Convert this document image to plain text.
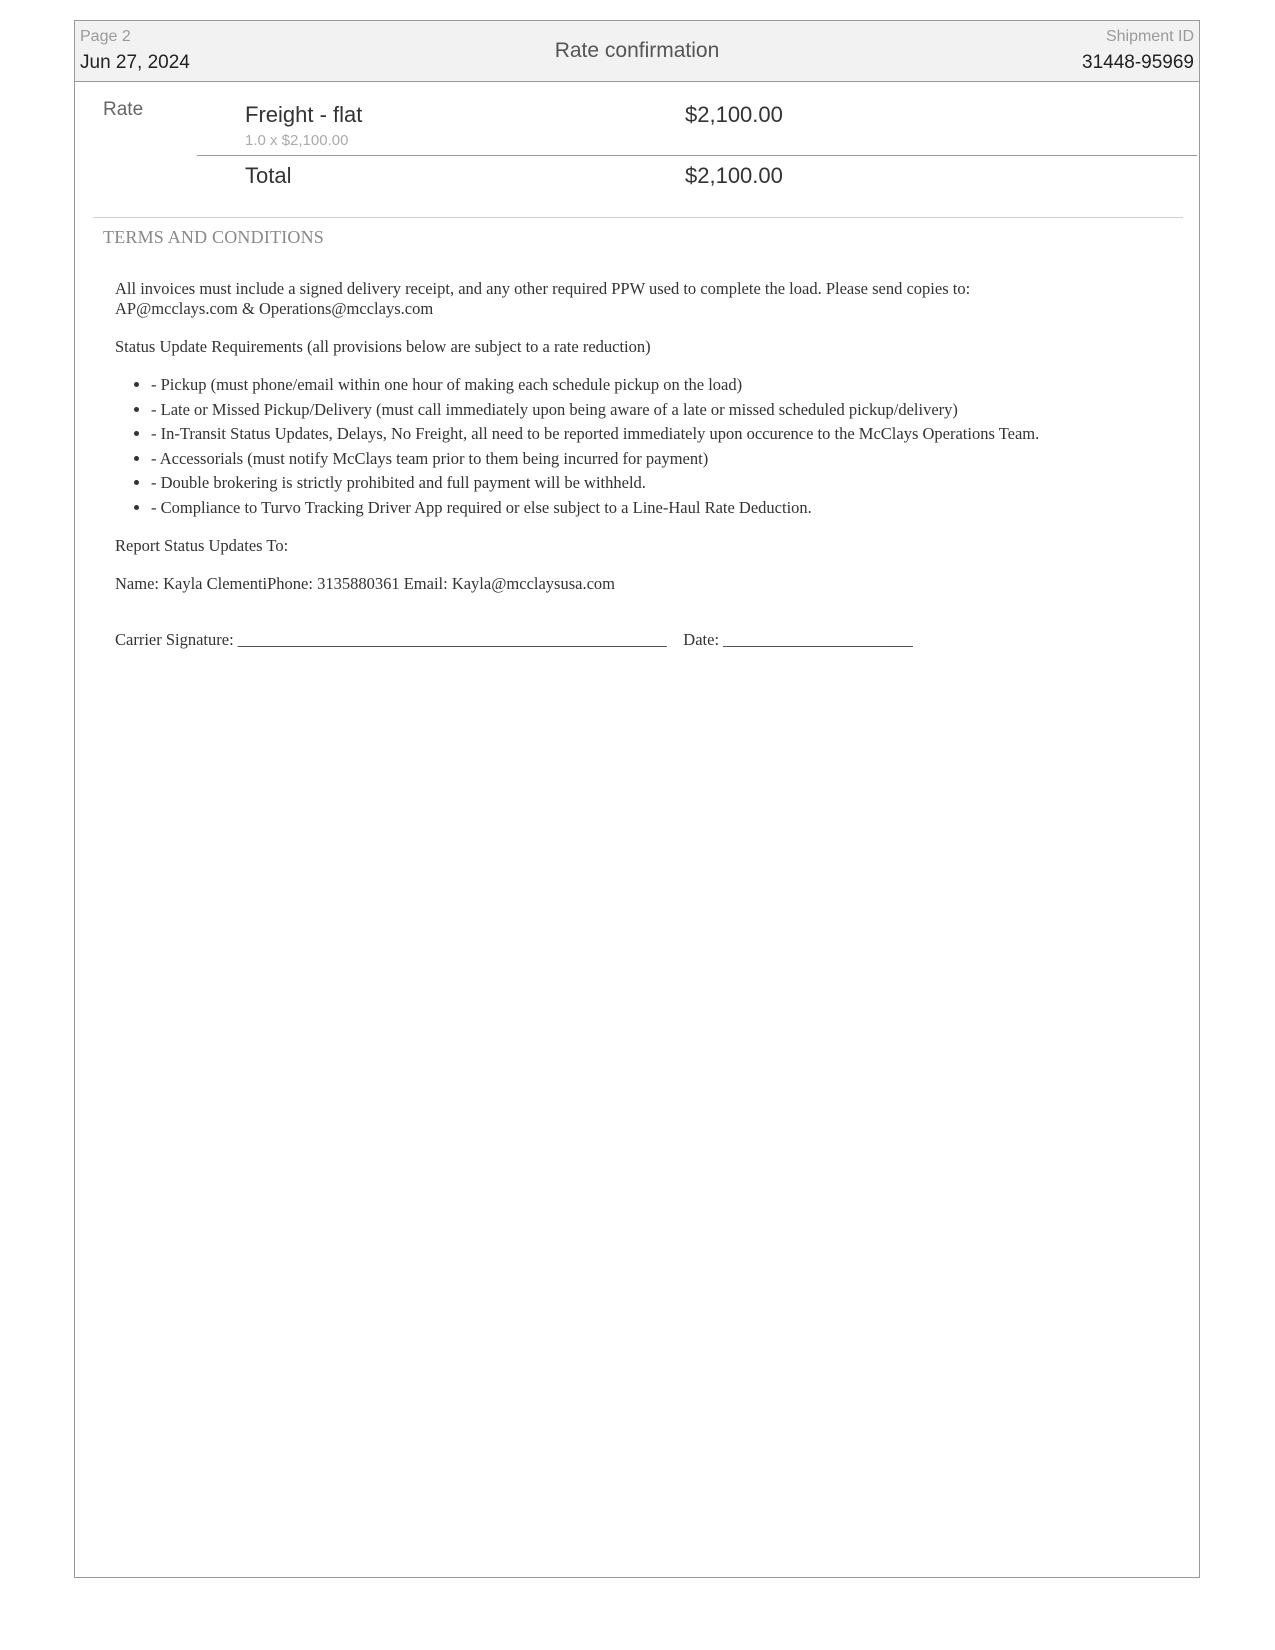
Page 2
Jun 27, 2024
Rate confirmation
Shipment ID
31448-95969
Rate	Freight - flat
1.0 x $2,100.00
$2,100.00
Total	$2,100.00
TERMS AND CONDITIONS
All invoices must include a signed delivery receipt, and any other required PPW used to complete the load. Please send copies to:
AP@mcclays.com & Operations@mcclays.com
Status Update Requirements (all provisions below are subject to a rate reduction)
• - Pickup (must phone/email within one hour of making each schedule pickup on the load)
• - Late or Missed Pickup/Delivery (must call immediately upon being aware of a late or missed scheduled pickup/delivery)
• - In-Transit Status Updates, Delays, No Freight, all need to be reported immediately upon occurence to the McClays Operations Team.
• - Accessorials (must notify McClays team prior to them being incurred for payment)
• - Double brokering is strictly prohibited and full payment will be withheld.
• - Compliance to Turvo Tracking Driver App required or else subject to a Line-Haul Rate Deduction.
Report Status Updates To:
Name: Kayla ClementiPhone: 3135880361 Email: Kayla@mcclaysusa.com
Carrier Signature: ____________________________________________________    Date: _______________________
